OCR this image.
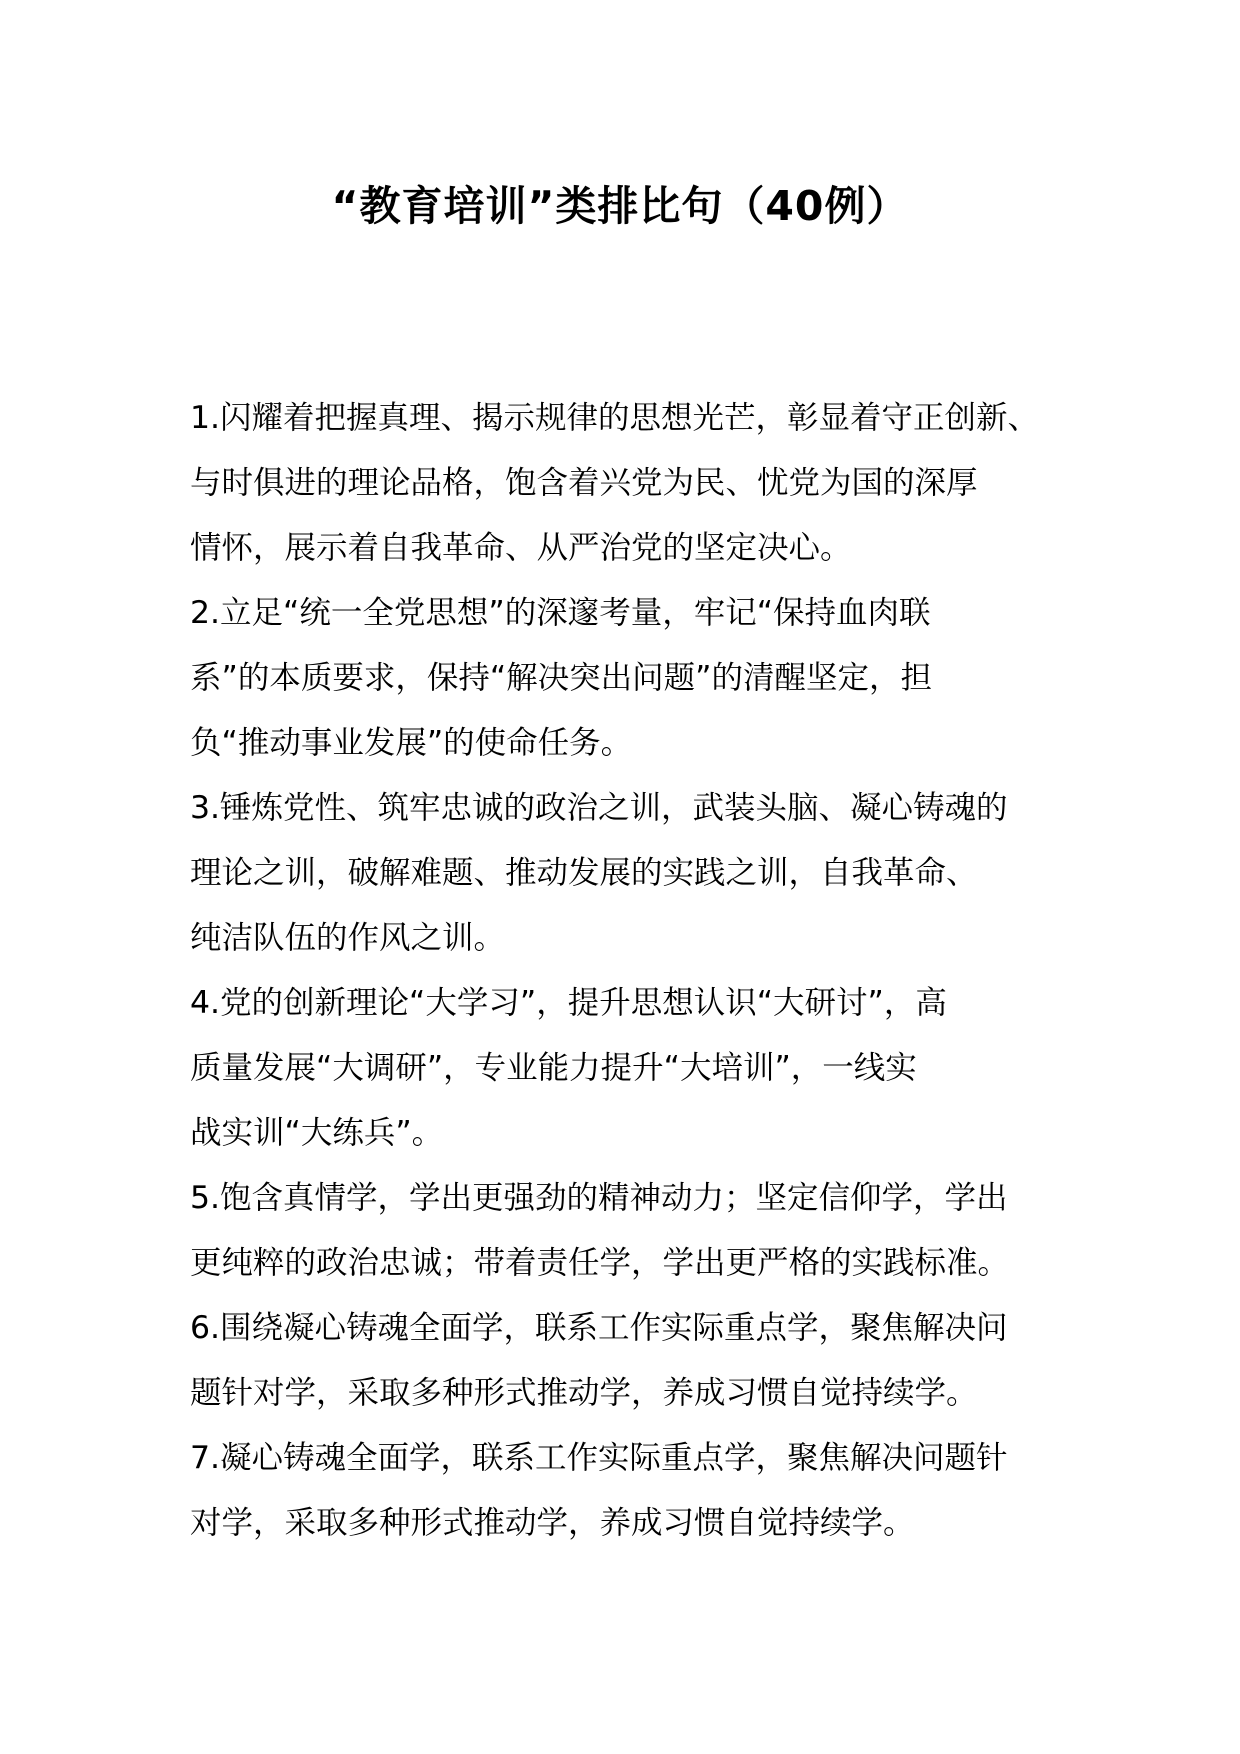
“教育培训”类排比句（40例）
1.闪耀着把握真理、揭示规律的思想光芒，彰显着守正创新、
与时俱进的理论品格，饱含着兴党为民、忧党为国的深厚
情怀，展示着自我革命、从严治党的坚定决心。
2.立足“统一全党思想”的深邃考量，牢记“保持血肉联
系”的本质要求，保持“解决突出问题”的清醒坚定，担
负“推动事业发展”的使命任务。
3.锤炼党性、筑牢忠诚的政治之训，武装头脑、凝心铸魂的
理论之训，破解难题、推动发展的实践之训，自我革命、
纯洁队伍的作风之训。
4.党的创新理论“大学习”，提升思想认识“大研讨”，高
质量发展“大调研”，专业能力提升“大培训”，一线实
战实训“大练兵”。
5.饱含真情学，学出更强劲的精神动力；坚定信仰学，学出
更纯粹的政治忠诚；带着责任学，学出更严格的实践标准。
6.围绕凝心铸魂全面学，联系工作实际重点学，聚焦解决问
题针对学，采取多种形式推动学，养成习惯自觉持续学。
7.凝心铸魂全面学，联系工作实际重点学，聚焦解决问题针
对学，采取多种形式推动学，养成习惯自觉持续学。
